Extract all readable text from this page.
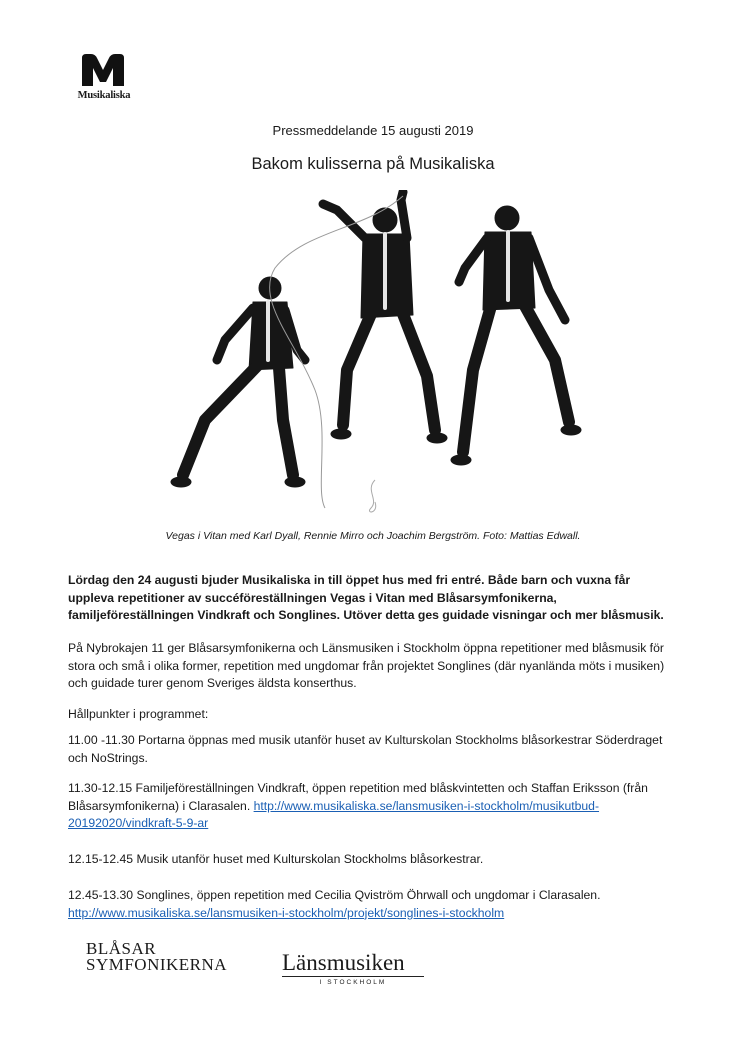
Musikaliska
Pressmeddelande 15 augusti 2019
Bakom kulisserna på Musikaliska
Vegas i Vitan med Karl Dyall, Rennie Mirro och Joachim Bergström. Foto: Mattias Edwall.

Lördag den 24 augusti bjuder Musikaliska in till öppet hus med fri entré. Både barn och vuxna får uppleva repetitioner av succéföreställningen Vegas i Vitan med Blåsarsymfonikerna, familjeföreställningen Vindkraft och Songlines. Utöver detta ges guidade visningar och mer blåsmusik.

På Nybrokajen 11 ger Blåsarsymfonikerna och Länsmusiken i Stockholm öppna repetitioner med blåsmusik för stora och små i olika former, repetition med ungdomar från projektet Songlines (där nyanlända möts i musiken) och guidade turer genom Sveriges äldsta konserthus.

Hållpunkter i programmet:

11.00 -11.30 Portarna öppnas med musik utanför huset av Kulturskolan Stockholms blåsorkestrar Söderdraget och NoStrings.

11.30-12.15 Familjeföreställningen Vindkraft, öppen repetition med blåskvintetten och Staffan Eriksson (från Blåsarsymfonikerna) i Clarasalen. http://www.musikaliska.se/lansmusiken-i-stockholm/musikutbud-20192020/vindkraft-5-9-ar

12.15-12.45 Musik utanför huset med Kulturskolan Stockholms blåsorkestrar.

12.45-13.30 Songlines, öppen repetition med Cecilia Qviström Öhrwall och ungdomar i Clarasalen.
http://www.musikaliska.se/lansmusiken-i-stockholm/projekt/songlines-i-stockholm

BLÅSAR
SYMFONIKERNA Länsmusiken
I STOCKHOLM
